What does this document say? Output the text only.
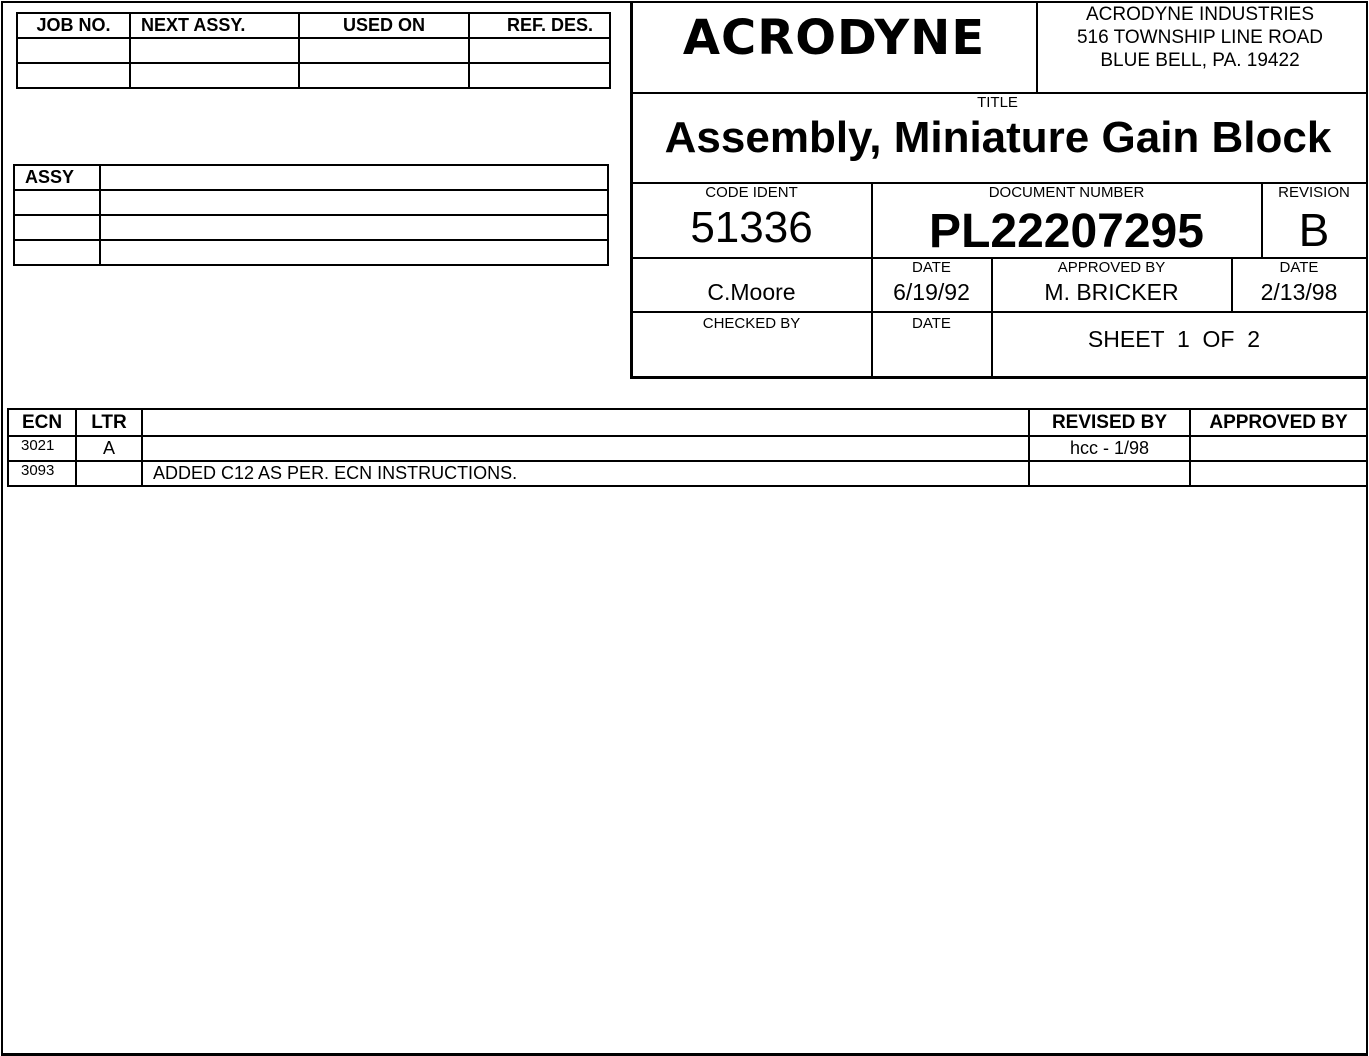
JOB NO.	NEXT ASSY.	USED ON	REF. DES.

ASSY	

ACRODYNE	ACRODYNE INDUSTRIES
516 TOWNSHIP LINE ROAD
BLUE BELL, PA. 19422
TITLE
Assembly, Miniature Gain Block
CODE IDENT
51336
DOCUMENT NUMBER
PL22207295
REVISION
B
C.Moore
DATE
6/19/92
APPROVED BY
M. BRICKER
DATE
2/13/98
CHECKED BY	DATE
SHEET  1  OF  2
ECN	LTR		REVISED BY	APPROVED BY
3021	A		hcc - 1/98	
3093		ADDED C12 AS PER. ECN INSTRUCTIONS.		
